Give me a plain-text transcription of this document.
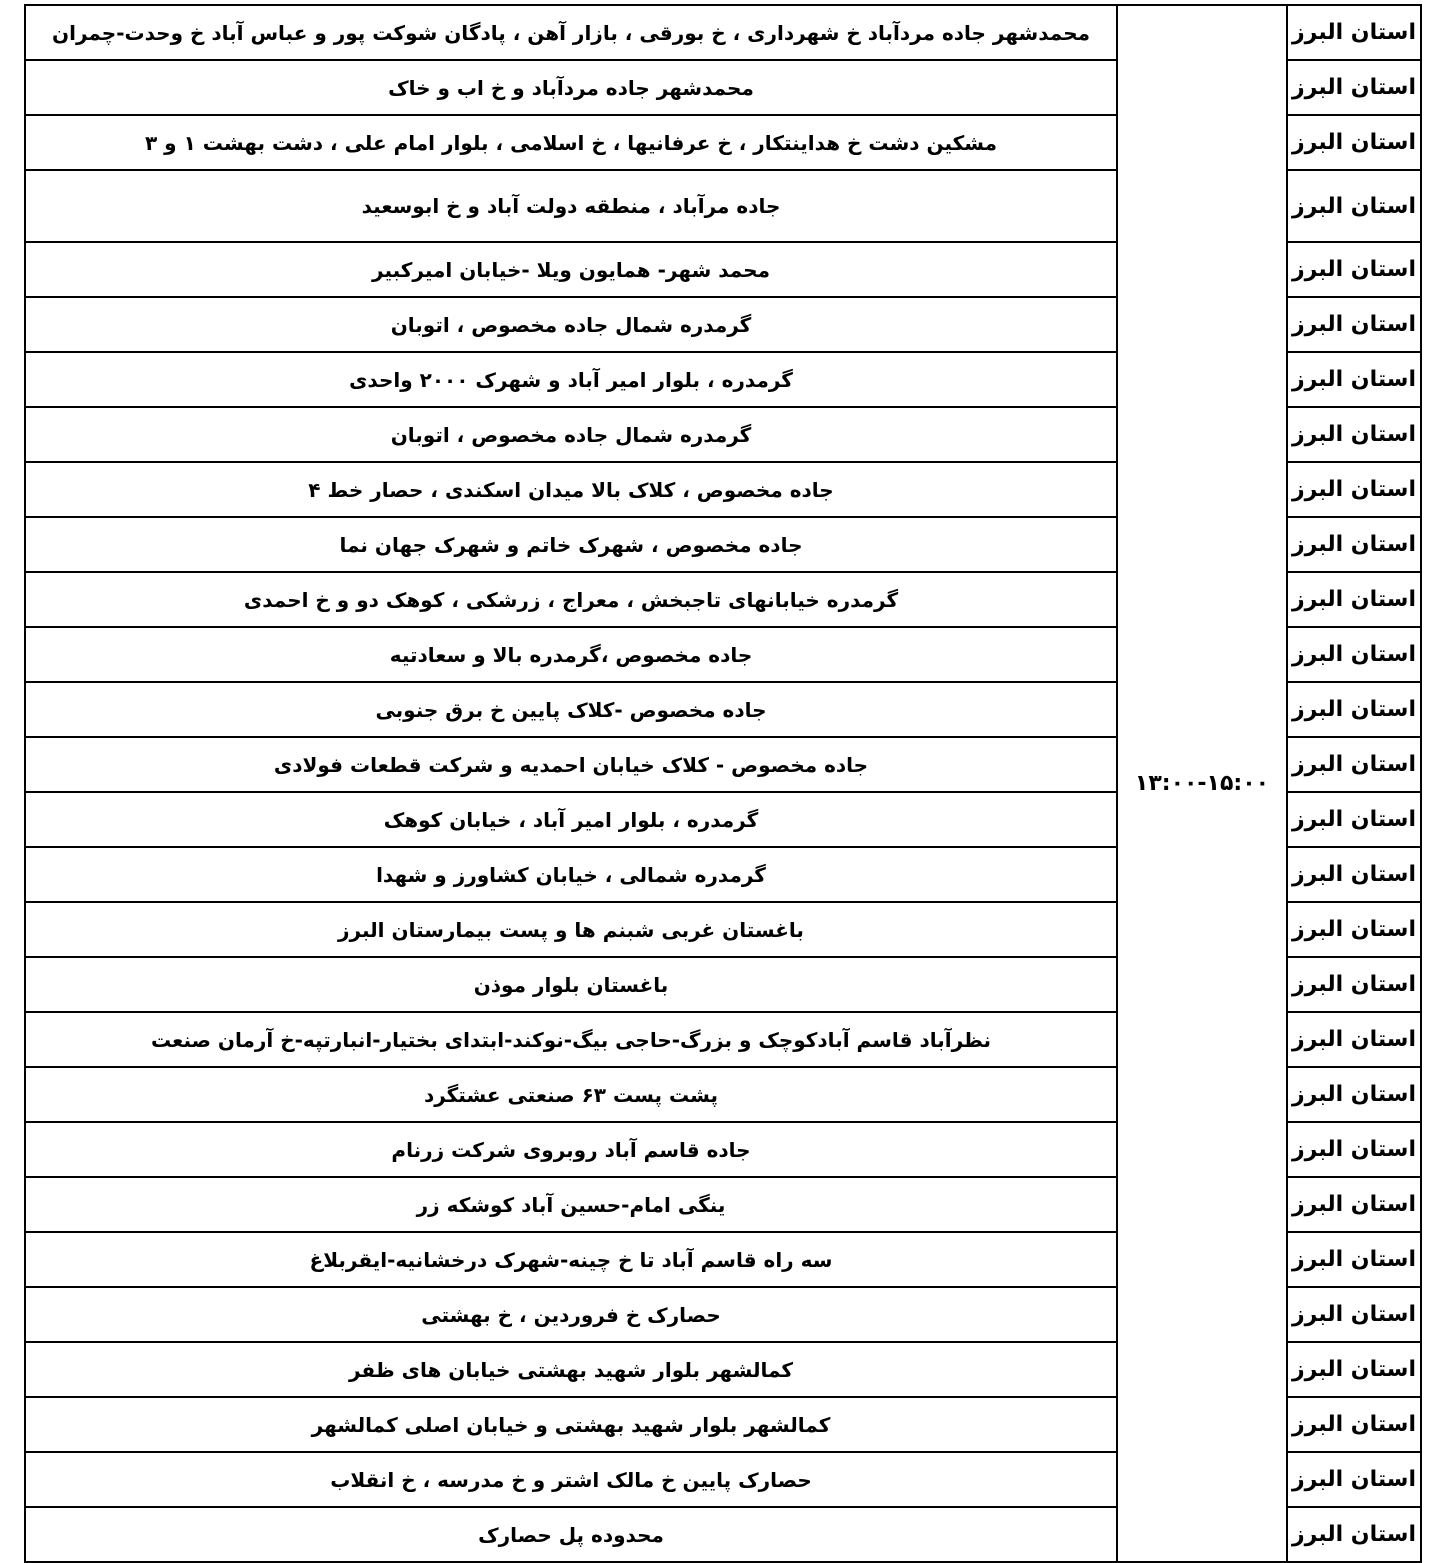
استان البرز	۱۳:۰۰-۱۵:۰۰	محمدشهر جاده مردآباد خ شهرداری ، خ بورقی ، بازار آهن ، پادگان شوکت پور و عباس آباد خ وحدت-چمران
استان البرز		محمدشهر جاده مردآباد و خ اب و خاک
استان البرز		مشکین دشت خ هداینتکار ، خ عرفانیها ، خ اسلامی ، بلوار امام علی ، دشت بهشت ۱ و ۳
استان البرز		جاده مرآباد ، منطقه دولت آباد و خ ابوسعید
استان البرز		محمد شهر- همایون ویلا -خیابان امیرکبیر
استان البرز		گرمدره شمال جاده مخصوص ، اتوبان
استان البرز		گرمدره ، بلوار امیر آباد و شهرک ۲۰۰۰ واحدی
استان البرز		گرمدره شمال جاده مخصوص ، اتوبان
استان البرز		جاده مخصوص ، کلاک بالا میدان اسکندی ، حصار خط ۴
استان البرز		جاده مخصوص ، شهرک خاتم و شهرک جهان نما
استان البرز		گرمدره خیابانهای تاجبخش ، معراج ، زرشکی ، کوهک دو و خ احمدی
استان البرز		جاده مخصوص ،گرمدره بالا و سعادتیه
استان البرز		جاده مخصوص -کلاک پایین خ برق جنوبی
استان البرز		جاده مخصوص - کلاک خیابان احمدیه و شرکت قطعات فولادی
استان البرز		گرمدره ، بلوار امیر آباد ، خیابان کوهک
استان البرز		گرمدره شمالی ، خیابان کشاورز و شهدا
استان البرز		باغستان غربی شبنم ها و پست بیمارستان البرز
استان البرز		باغستان بلوار موذن
استان البرز		نظرآباد قاسم آبادکوچک و بزرگ-حاجی بیگ-نوکند-ابتدای بختیار-انبارتپه-خ آرمان صنعت
استان البرز		پشت پست ۶۳ صنعتی عشتگرد
استان البرز		جاده قاسم آباد روبروی شرکت زرنام
استان البرز		ینگی امام-حسین آباد کوشکه زر
استان البرز		سه راه قاسم آباد تا خ چینه-شهرک درخشانیه-ایقربلاغ
استان البرز		حصارک خ فروردین ، خ بهشتی
استان البرز		کمالشهر بلوار شهید بهشتی خیابان های ظفر
استان البرز		کمالشهر بلوار شهید بهشتی و خیابان اصلی کمالشهر
استان البرز		حصارک پایین خ مالک اشتر و خ مدرسه ، خ انقلاب
استان البرز		محدوده پل حصارک
